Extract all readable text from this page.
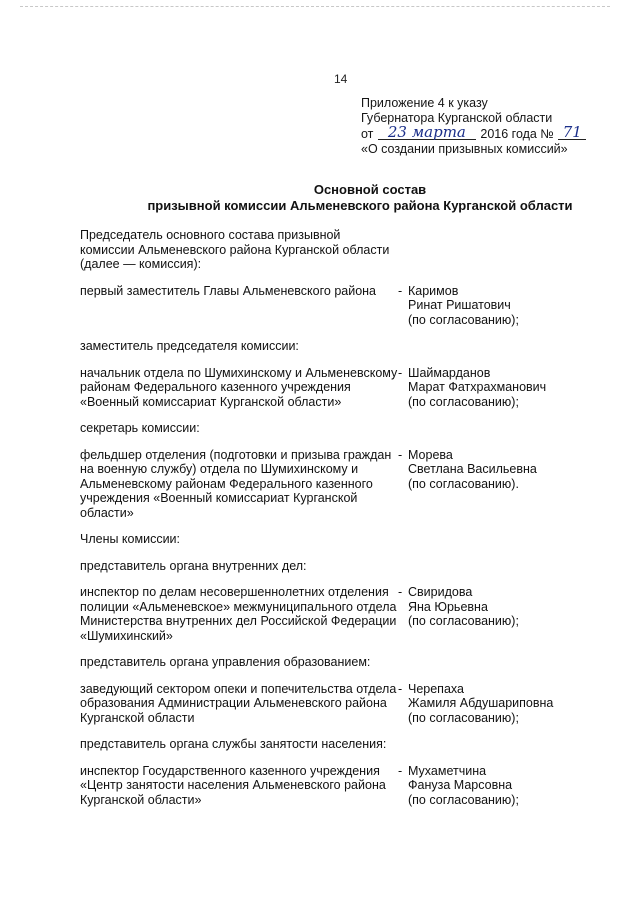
14
Приложение 4 к указу
Губернатора Курганской области
от 23 марта 2016 года № 71
«О создании призывных комиссий»
Основной состав
призывной комиссии Альменевского района Курганской области
Председатель основного состава призывной комиссии Альменевского района Курганской области (далее — комиссия):
первый заместитель Главы Альменевского района	- Каримов
Ринат Ришатович
(по согласованию);
заместитель председателя комиссии:
начальник отдела по Шумихинскому и Альменевскому районам Федерального казенного учреждения «Военный комиссариат Курганской области»
- Шаймарданов
Марат Фатхрахманович
(по согласованию);
секретарь комиссии:
фельдшер отделения (подготовки и призыва граждан на военную службу) отдела по Шумихинскому и Альменевскому районам Федерального казенного учреждения «Военный комиссариат Курганской области»
- Морева
Светлана Васильевна
(по согласованию).
Члены комиссии:
представитель органа внутренних дел:
инспектор по делам несовершеннолетних отделения полиции «Альменевское» межмуниципального отдела Министерства внутренних дел Российской Федерации «Шумихинский»
- Свиридова
Яна Юрьевна
(по согласованию);
представитель органа управления образованием:
заведующий сектором опеки и попечительства отдела образования Администрации Альменевского района Курганской области
- Черепаха
Жамиля Абдушариповна
(по согласованию);
представитель органа службы занятости населения:
инспектор Государственного казенного учреждения «Центр занятости населения Альменевского района Курганской области»
- Мухаметчина
Фануза Марсовна
(по согласованию);
